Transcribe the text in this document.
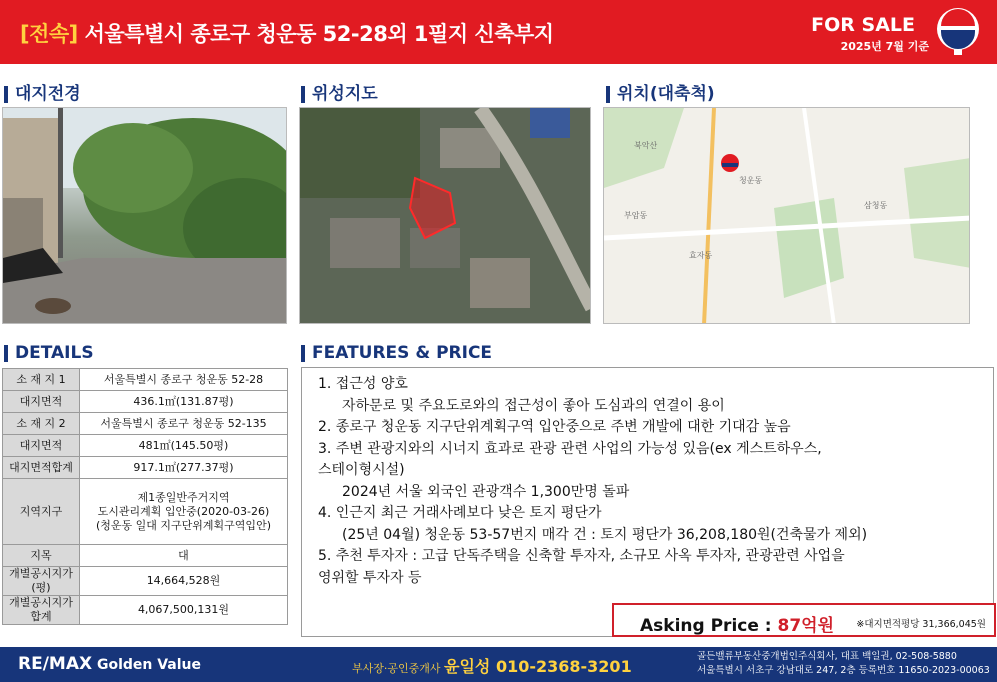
[전속] 서울특별시 종로구 청운동 52-28외 1필지 신축부지	FOR SALE
2025년 7월 기준
대지전경	위성지도	위치(대축척)
북악산
청운동
효자동
삼청동
부암동
DETAILS
소 재 지 1	서울특별시 종로구 청운동 52-28
대지면적	436.1㎡(131.87평)
소 재 지 2	서울특별시 종로구 청운동 52-135
대지면적	481㎡(145.50평)
대지면적합계	917.1㎡(277.37평)
지역지구	제1종일반주거지역
도시관리계획 입안중(2020-03-26)
(청운동 일대 지구단위계획구역입안)

지목	대

개별공시지가
(평)	14,664,528원

개별공시지가
합계	4,067,500,131원
FEATURES & PRICE
1. 접근성 양호
자하문로 및 주요도로와의 접근성이 좋아 도심과의 연결이 용이
2. 종로구 청운동 지구단위계획구역 입안중으로 주변 개발에 대한 기대감 높음
3. 주변 관광지와의 시너지 효과로 관광 관련 사업의 가능성 있음(ex 게스트하우스,
스테이형시설)
2024년 서울 외국인 관광객수 1,300만명 돌파
4. 인근지 최근 거래사례보다 낮은 토지 평단가
(25년 04월) 청운동 53-57번지 매각 건 : 토지 평단가 36,208,180원(건축물가 제외)
5. 추천 투자자 : 고급 단독주택을 신축할 투자자, 소규모 사옥 투자자, 관광관련 사업을
영위할 투자자 등
Asking Price : 87억원 ※대지면적평당 31,366,045원
RE/MAX Golden Value	부사장·공인중개사 윤일성 010-2368-3201
골든밸류부동산중개법인주식회사, 대표 백일권, 02-508-5880
서울특별시 서초구 강남대로 247, 2층 등록번호 11650-2023-00063
